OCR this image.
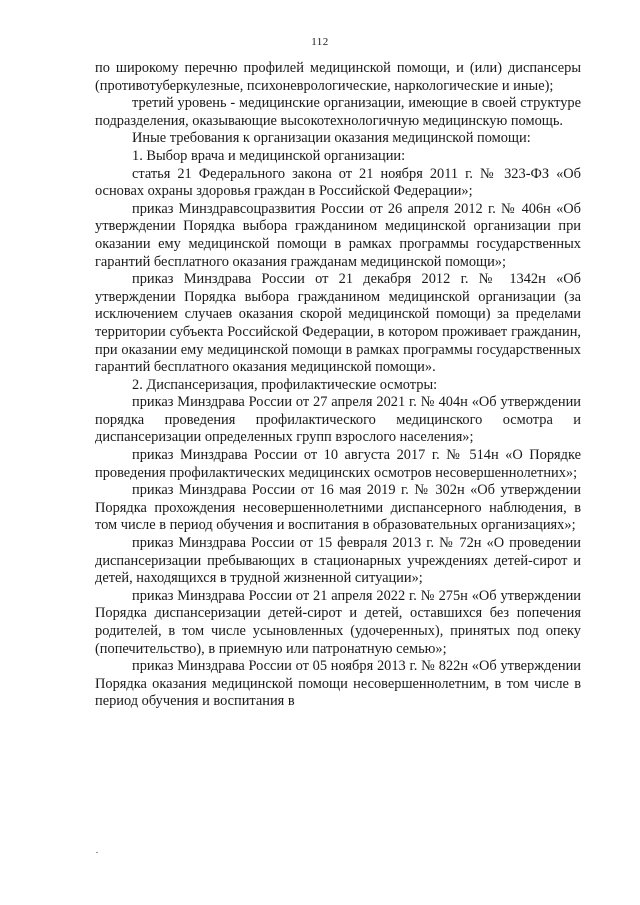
112

по широкому перечню профилей медицинской помощи, и (или) диспансеры (противотуберкулезные, психоневрологические, наркологические и иные);

третий уровень - медицинские организации, имеющие в своей структуре подразделения, оказывающие высокотехнологичную медицинскую помощь.

Иные требования к организации оказания медицинской помощи:

1. Выбор врача и медицинской организации:

статья 21 Федерального закона от 21 ноября 2011 г. № 323-ФЗ «Об основах охраны здоровья граждан в Российской Федерации»;

приказ Минздравсоцразвития России от 26 апреля 2012 г. № 406н «Об утверждении Порядка выбора гражданином медицинской организации при оказании ему медицинской помощи в рамках программы государственных гарантий бесплатного оказания гражданам медицинской помощи»;

приказ Минздрава России от 21 декабря 2012 г. № 1342н «Об утверждении Порядка выбора гражданином медицинской организации (за исключением случаев оказания скорой медицинской помощи) за пределами территории субъекта Российской Федерации, в котором проживает гражданин, при оказании ему медицинской помощи в рамках программы государственных гарантий бесплатного оказания медицинской помощи».

2. Диспансеризация, профилактические осмотры:

приказ Минздрава России от 27 апреля 2021 г. № 404н «Об утверждении порядка проведения профилактического медицинского осмотра и диспансеризации определенных групп взрослого населения»;

приказ Минздрава России от 10 августа 2017 г. № 514н «О Порядке проведения профилактических медицинских осмотров несовершеннолетних»;

приказ Минздрава России от 16 мая 2019 г. № 302н «Об утверждении Порядка прохождения несовершеннолетними диспансерного наблюдения, в том числе в период обучения и воспитания в образовательных организациях»;

приказ Минздрава России от 15 февраля 2013 г. № 72н «О проведении диспансеризации пребывающих в стационарных учреждениях детей-сирот и детей, находящихся в трудной жизненной ситуации»;

приказ Минздрава России от 21 апреля 2022 г. № 275н «Об утверждении Порядка диспансеризации детей-сирот и детей, оставшихся без попечения родителей, в том числе усыновленных (удочеренных), принятых под опеку (попечительство), в приемную или патронатную семью»;

приказ Минздрава России от 05 ноября 2013 г. № 822н «Об утверждении Порядка оказания медицинской помощи несовершеннолетним, в том числе в период обучения и воспитания в
